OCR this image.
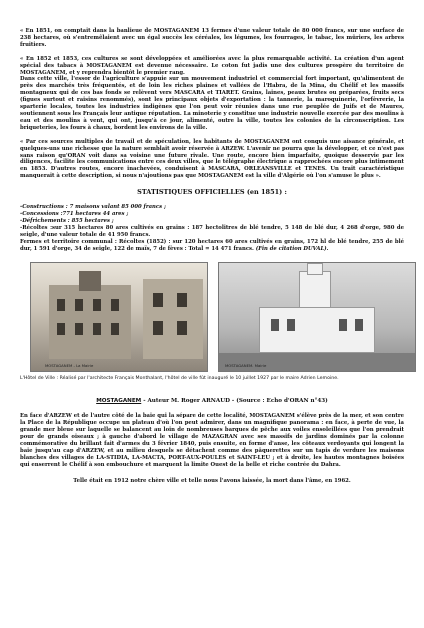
« En 1851, on comptait dans la banlieue de MOSTAGANEM 13 fermes d'une valeur totale de 80 000 francs, sur une surface de 238 hectares, où s'entremêlaient avec un égal succès les céréales, les légumes, les fourrages, le tabac, les mûriers, les arbres fruitiers.

« En 1852 et 1853, ces cultures se sont développées et améliorées avec la plus remarquable activité. La création d'un agent spécial des tabacs à MOSTAGANEM est devenue nécessaire. Le coton fut jadis une des cultures prospère du territoire de MOSTAGANEM, et y reprendra bientôt le premier rang.

Dans cette ville, l'essor de l'agriculture s'appuie sur un mouvement industriel et commercial fort important, qu'alimentent de près des marchés très fréquentés, et de loin les riches plaines et vallées de l'Habra, de la Mina, du Chélif et les massifs montagneux qui de ces bas fonds se relèvent vers MASCARA et TIARET. Grains, laines, peaux brutes ou préparées, fruits secs (figues surtout et raisins renommés), sont les principaux objets d'exportation : la tannerie, la maroquinerie, l'orfèvrerie, la sparterie locales, toutes les industries indigènes que l'on peut voir réunies dans une rue peuplée de Juifs et de Maures, soutiennent sous les Français leur antique réputation. La minoterie y constitue une industrie nouvelle exercée par des moulins à eau et des moulins à vent, qui ont, jusqu'à ce jour, alimenté, outre la ville, toutes les colonies de la circonscription. Les briqueteries, les fours à chaux, bordent les environs de la ville.

« Par ces sources multiples de travail et de spéculation, les habitants de MOSTAGANEM ont conquis une aisance générale, et quelques-uns une richesse que la nature semblait avoir réservée à ARZEW. L'avenir ne pourra que la développer, et ce n'est pas sans raison qu'ORAN voit dans sa voisine une future rivale. Une route, encore bien imparfaite, quoique desservie par les diligences, facilite les communications entre ces deux villes, que le télégraphe électrique a rapprochées encore plus intimement en 1853. D'autres routes, encore inachevées, conduisent à MASCARA, ORLEANSVILLE et TENES. Un trait caractéristique manquerait à cette description, si nous n'ajoutions pas que MOSTAGANEM est la ville d'Algérie où l'on s'amuse le plus ».

STATISTIQUES OFFICIELLES (en 1851) :

-Constructions : 7 maisons valant 85 000 francs ;

-Concessions :771 hectares 44 ares ;

-Défrichements : 855 hectares ;

-Récoltes :sur 315 hectares 80 ares cultivés en grains : 187 hectolitres de blé tendre, 5 148 de blé dur, 4 268 d'orge, 980 de seigle, d'une valeur totale de 41 950 francs.

Fermes et territoire communal : Récoltes (1852) : sur 120 hectares 60 ares cultivés en grains, 172 hl de blé tendre, 255 de blé dur, 1 591 d'orge, 34 de seigle, 122 de maïs, 7 de fèves : Total = 14 471 francs. (Fin de citation DUVAL).

MOSTAGANEM - La Mairie	MOSTAGANEM. Mairie

L'Hôtel de Ville : Réalisé par l'architecte Français Monthalant, l'hôtel de ville fût inauguré le 10 juillet 1927 par le maire Adrien Lemoine.

MOSTAGANEM - Auteur M. Roger ARNAUD - (Source : Echo d'ORAN n°43)

En face d'ARZEW et de l'autre côté de la baie qui la sépare de cette localité, MOSTAGANEM s'élève près de la mer, et son centre la Place de la République occupe un plateau d'où l'on peut admirer, dans un magnifique panorama : en face, à perte de vue, la grande mer bleue sur laquelle se balancent au loin de nombreuses barques de pêche aux voiles ensoleillées que l'on prendrait pour de grands oiseaux ; à gauche d'abord le village de MAZAGRAN avec ses massifs de jardins dominés par la colonne commémorative du brillant fait d'armes du 3 février 1840, puis ensuite, en forme d'anse, les côteaux verdoyants qui longent la baie jusqu'au cap d'ARZEW, et au milieu desquels se détachent comme des pâquerettes sur un tapis de verdure les maisons blanches des villages de LA-STIDIA, LA-MACTA, PORT-AUX-POULES et SAINT-LEU ; et à droite, les hautes montagnes boisées qui enserrent le Chélif à son embouchure et marquent la limite Ouest de la belle et riche contrée du Dahra.

Telle était en 1912 notre chère ville et telle nous l'avons laissée, la mort dans l'âme, en 1962.
